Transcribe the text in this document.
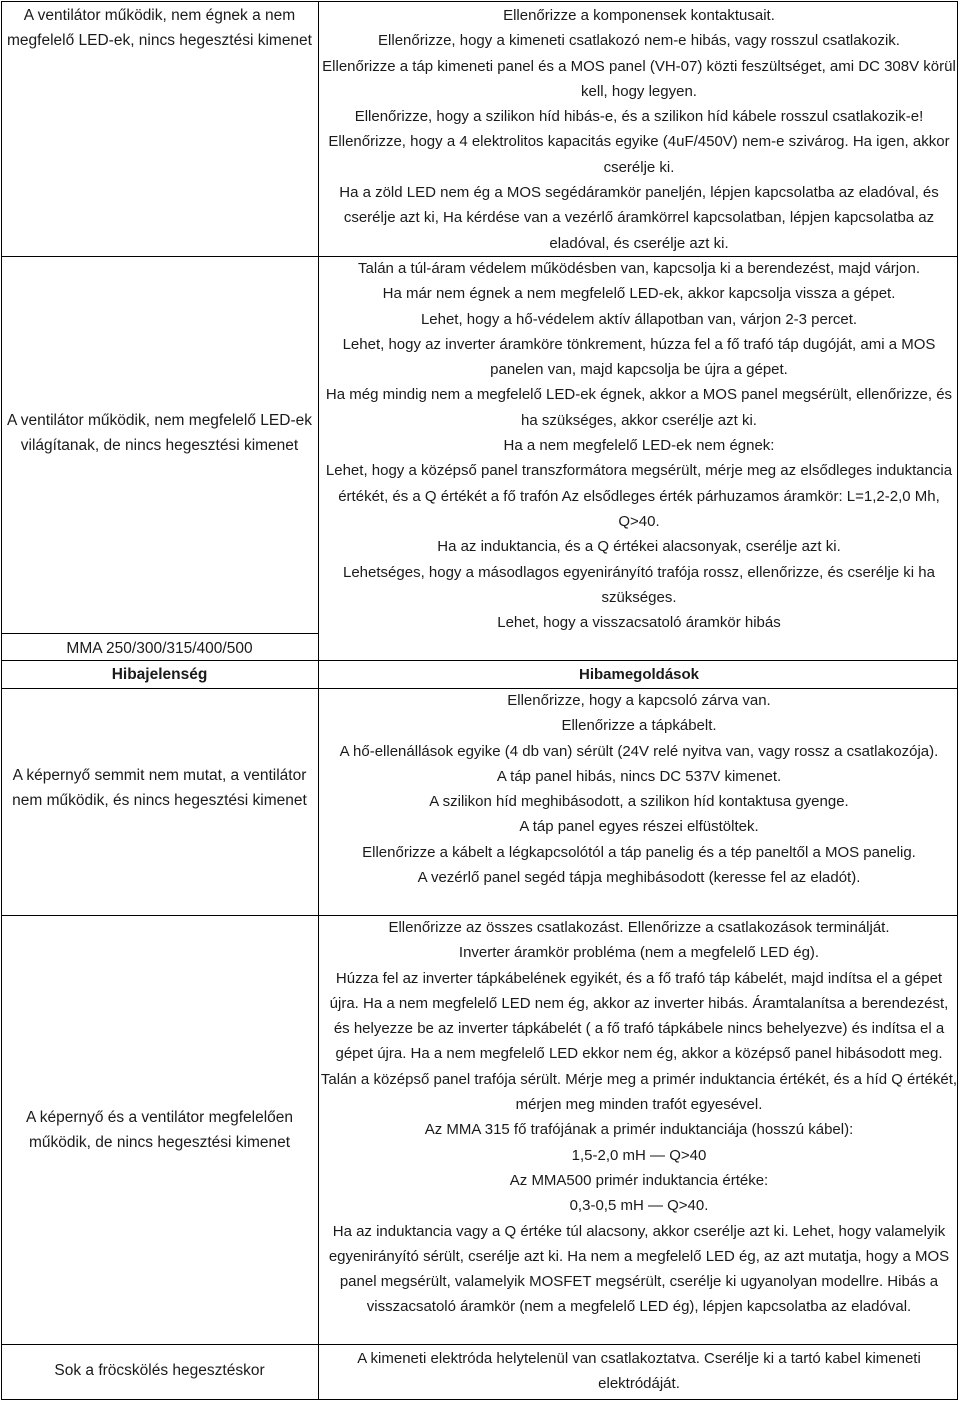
A ventilátor működik, nem égnek a nem megfelelő LED-ek, nincs hegesztési kimenet

A ventilátor működik, nem megfelelő LED-ek világítanak, de nincs hegesztési kimenet

MMA 250/300/315/400/500

Hibajelenség

A képernyő semmit nem mutat, a ventilátor nem működik, és nincs hegesztési kimenet

A képernyő és a ventilátor megfelelően működik, de nincs hegesztési kimenet

Sok a fröcskölés hegesztéskor

Ellenőrizze a komponensek kontaktusait.

Ellenőrizze, hogy a kimeneti csatlakozó nem-e hibás, vagy rosszul csatlakozik.

Ellenőrizze a táp kimeneti panel és a MOS panel (VH-07) közti feszültséget, ami DC 308V körül kell, hogy legyen.

Ellenőrizze, hogy a szilikon híd hibás-e, és a szilikon híd kábele rosszul csatlakozik-e!

Ellenőrizze, hogy a 4 elektrolitos kapacitás egyike (4uF/450V) nem-e szivárog. Ha igen, akkor cserélje ki.

Ha a zöld LED nem ég a MOS segédáramkör paneljén, lépjen kapcsolatba az eladóval, és cserélje azt ki, Ha kérdése van a vezérlő áramkörrel kapcsolatban, lépjen kapcsolatba az eladóval, és cserélje azt ki.

Talán a túl-áram védelem működésben van, kapcsolja ki a berendezést, majd várjon.

Ha már nem égnek a nem megfelelő LED-ek, akkor kapcsolja vissza a gépet.

Lehet, hogy a hő-védelem aktív állapotban van, várjon 2-3 percet.

Lehet, hogy az inverter áramköre tönkrement, húzza fel a fő trafó táp dugóját, ami a MOS panelen van, majd kapcsolja be újra a gépet.

Ha még mindig nem a megfelelő LED-ek égnek, akkor a MOS panel megsérült, ellenőrizze, és ha szükséges, akkor cserélje azt ki.

Ha a nem megfelelő LED-ek nem égnek:

Lehet, hogy a középső panel transzformátora megsérült, mérje meg az elsődleges induktancia értékét, és a Q értékét a fő trafón Az elsődleges érték párhuzamos áramkör: L=1,2-2,0 Mh, Q>40.

Ha az induktancia, és a Q értékei alacsonyak, cserélje azt ki.

Lehetséges, hogy a másodlagos egyenirányító trafója rossz, ellenőrizze, és cserélje ki ha szükséges.

Lehet, hogy a visszacsatoló áramkör hibás

Hibamegoldások

Ellenőrizze, hogy a kapcsoló zárva van.

Ellenőrizze a tápkábelt.

A hő-ellenállások egyike (4 db van) sérült (24V relé nyitva van, vagy rossz a csatlakozója).

A táp panel hibás, nincs DC 537V kimenet.

A szilikon híd meghibásodott, a szilikon híd kontaktusa gyenge.

A táp panel egyes részei elfüstöltek.

Ellenőrizze a kábelt a légkapcsolótól a táp panelig és a tép paneltől a MOS panelig.

A vezérlő panel segéd tápja meghibásodott (keresse fel az eladót).

Ellenőrizze az összes csatlakozást. Ellenőrizze a csatlakozások terminálját.

Inverter áramkör probléma (nem a megfelelő LED ég).

Húzza fel az inverter tápkábelének egyikét, és a fő trafó táp kábelét, majd indítsa el a gépet újra. Ha a nem megfelelő LED nem ég, akkor az inverter hibás. Áramtalanítsa a berendezést, és helyezze be az inverter tápkábelét ( a fő trafó tápkábele nincs behelyezve) és indítsa el a gépet újra. Ha a nem megfelelő LED ekkor nem ég, akkor a középső panel hibásodott meg. Talán a középső panel trafója sérült. Mérje meg a primér induktancia értékét, és a híd Q értékét, mérjen meg minden trafót egyesével.

Az MMA 315 fő trafójának a primér induktanciája (hosszú kábel):

1,5-2,0 mH — Q>40

Az MMA500 primér induktancia értéke:

0,3-0,5 mH — Q>40.

Ha az induktancia vagy a Q értéke túl alacsony, akkor cserélje azt ki. Lehet, hogy valamelyik egyenirányító sérült, cserélje azt ki. Ha nem a megfelelő LED ég, az azt mutatja, hogy a MOS panel megsérült, valamelyik MOSFET megsérült, cserélje ki ugyanolyan modellre. Hibás a visszacsatoló áramkör (nem a megfelelő LED ég), lépjen kapcsolatba az eladóval.

A kimeneti elektróda helytelenül van csatlakoztatva. Cserélje ki a tartó kabel kimeneti elektródáját.
